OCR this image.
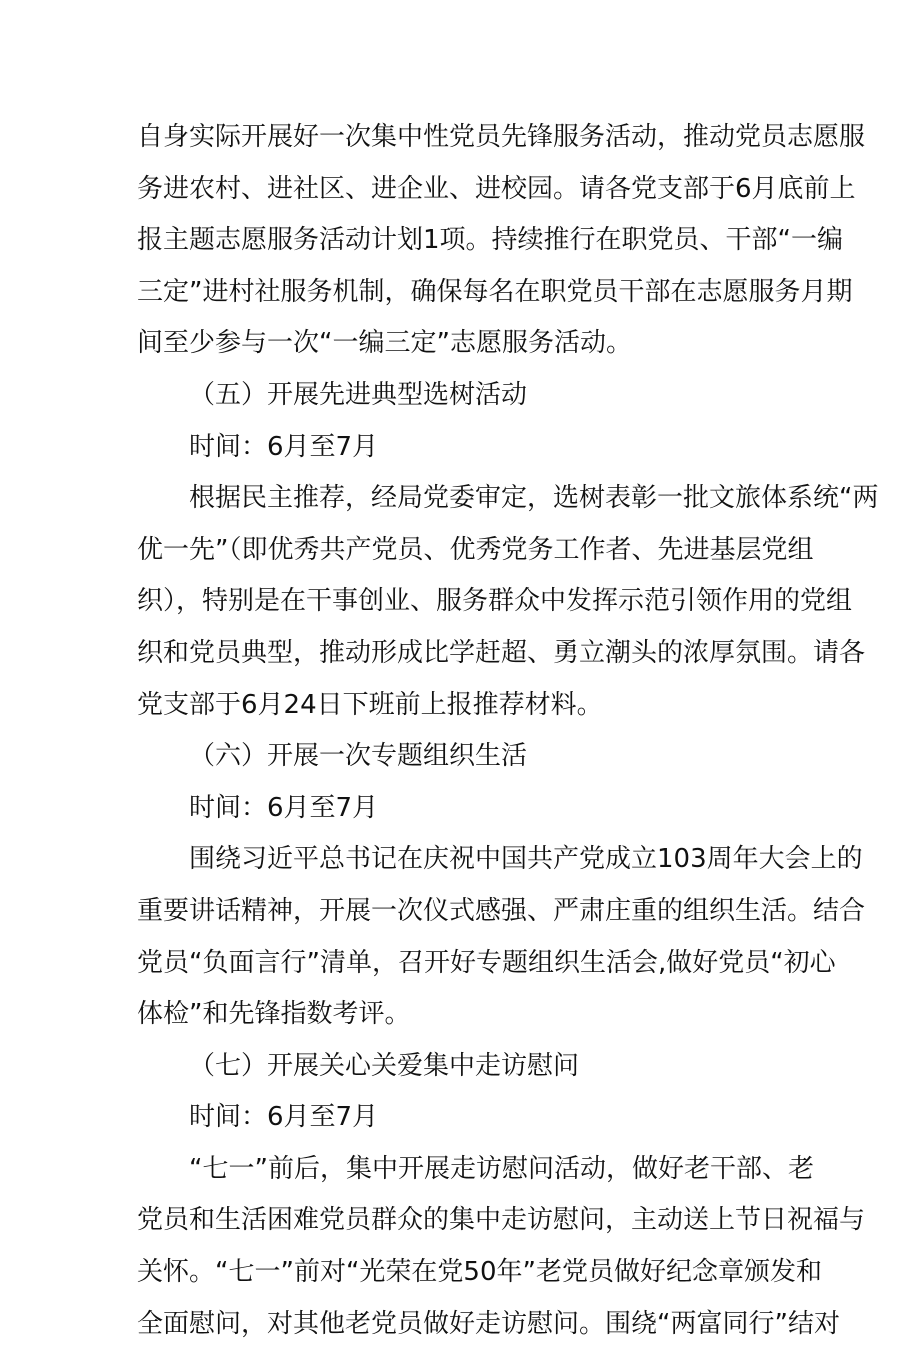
自身实际开展好一次集中性党员先锋服务活动，推动党员志愿服
务进农村、进社区、进企业、进校园。请各党支部于6月底前上
报主题志愿服务活动计划1项。持续推行在职党员、干部“一编
三定”进村社服务机制，确保每名在职党员干部在志愿服务月期
间至少参与一次“一编三定”志愿服务活动。
（五）开展先进典型选树活动
时间：6月至7月
根据民主推荐，经局党委审定，选树表彰一批文旅体系统“两
优一先”（即优秀共产党员、优秀党务工作者、先进基层党组
织），特别是在干事创业、服务群众中发挥示范引领作用的党组
织和党员典型，推动形成比学赶超、勇立潮头的浓厚氛围。请各
党支部于6月24日下班前上报推荐材料。
（六）开展一次专题组织生活
时间：6月至7月
围绕习近平总书记在庆祝中国共产党成立103周年大会上的
重要讲话精神，开展一次仪式感强、严肃庄重的组织生活。结合
党员“负面言行”清单，召开好专题组织生活会,做好党员“初心
体检”和先锋指数考评。
（七）开展关心关爱集中走访慰问
时间：6月至7月
“七一”前后，集中开展走访慰问活动，做好老干部、老
党员和生活困难党员群众的集中走访慰问，主动送上节日祝福与
关怀。“七一”前对“光荣在党50年”老党员做好纪念章颁发和
全面慰问，对其他老党员做好走访慰问。围绕“两富同行”结对
